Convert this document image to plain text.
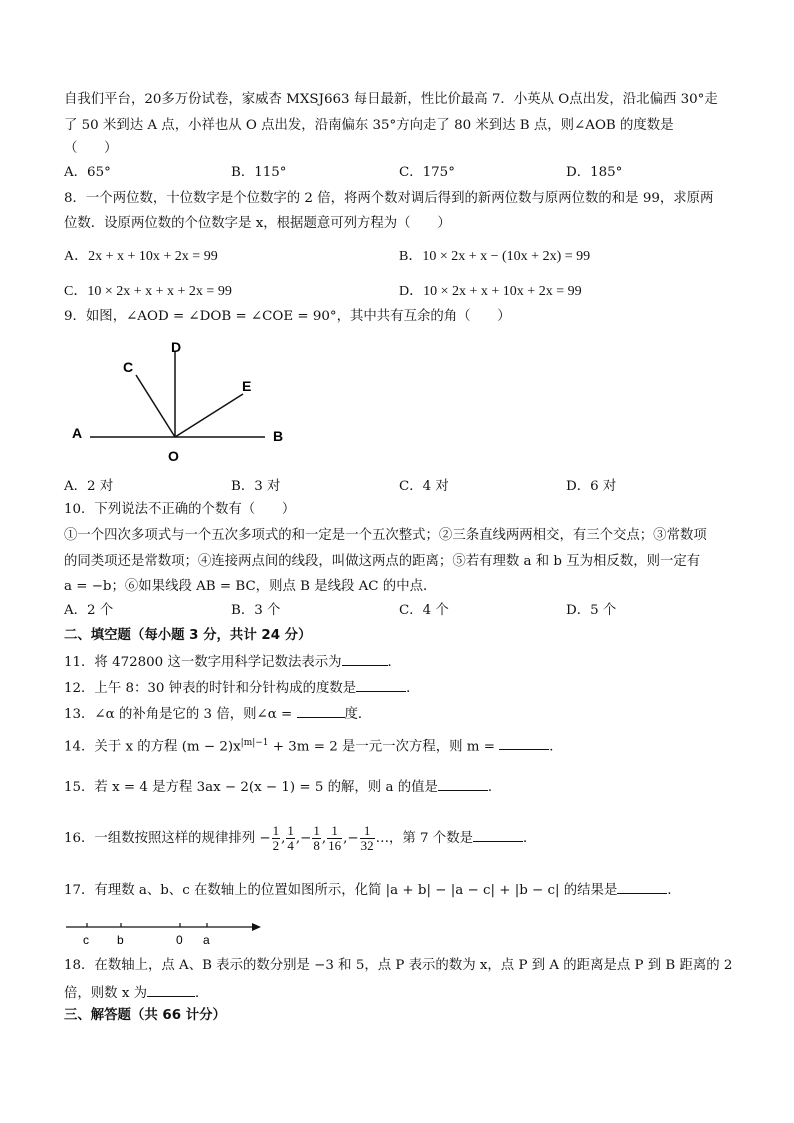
自我们平台，20多万份试卷，家威杏 MXSJ663 每日最新，性比价最高 7．小英从 O点出发，沿北偏西 30°走
了 50 米到达 A 点，小祥也从 O 点出发，沿南偏东 35°方向走了 80 米到达 B 点，则∠AOB 的度数是
（　　）
A．65°	B．115°	C．175°	D．185°
8．一个两位数，十位数字是个位数字的 2 倍，将两个数对调后得到的新两位数与原两位数的和是 99，求原两
位数．设原两位数的个位数字是 x，根据题意可列方程为（　　）
A．2x + x + 10x + 2x = 99	B．10 × 2x + x − (10x + 2x) = 99
C．10 × 2x + x + x + 2x = 99	D．10 × 2x + x + 10x + 2x = 99
9．如图，∠AOD = ∠DOB = ∠COE = 90°，其中共有互余的角（　　）
A	B
C
D
E
O
A．2 对	B．3 对	C．4 对	D．6 对
10．下列说法不正确的个数有（　　）
①一个四次多项式与一个五次多项式的和一定是一个五次整式；②三条直线两两相交，有三个交点；③常数项
的同类项还是常数项；④连接两点间的线段，叫做这两点的距离；⑤若有理数 a 和 b 互为相反数，则一定有
a = −b；⑥如果线段 AB = BC，则点 B 是线段 AC 的中点．
A．2 个	B．3 个	C．4 个	D．5 个
二、填空题（每小题 3 分，共计 24 分）
11．将 472800 这一数字用科学记数法表示为	．
12．上午 8：30 钟表的时针和分针构成的度数是	．
13．∠α 的补角是它的 3 倍，则∠α =	度．
14．关于 x 的方程 $(m - 2)x^{|m|-1} + 3m = 2$ 是一元一次方程，则 m =	．
15．若 x = 4 是方程 3ax − 2(x − 1) = 5 的解，则 a 的值是	．
16．一组数按照这样的规律排列 − $\frac{1}{2}$ , $\frac{1}{4}$ ,− $\frac{1}{8}$ , $\frac{1}{16}$ ,− $\frac{1}{32}$ …，第 7 个数是	．
17．有理数 a、b、c 在数轴上的位置如图所示，化简 |a + b| − |a − c| + |b − c| 的结果是	．
c b	0 a
18．在数轴上，点 A、B 表示的数分别是 −3 和 5，点 P 表示的数为 x，点 P 到 A 的距离是点 P 到 B 距离的 2
倍，则数 x 为	．
三、解答题（共 66 计分）
